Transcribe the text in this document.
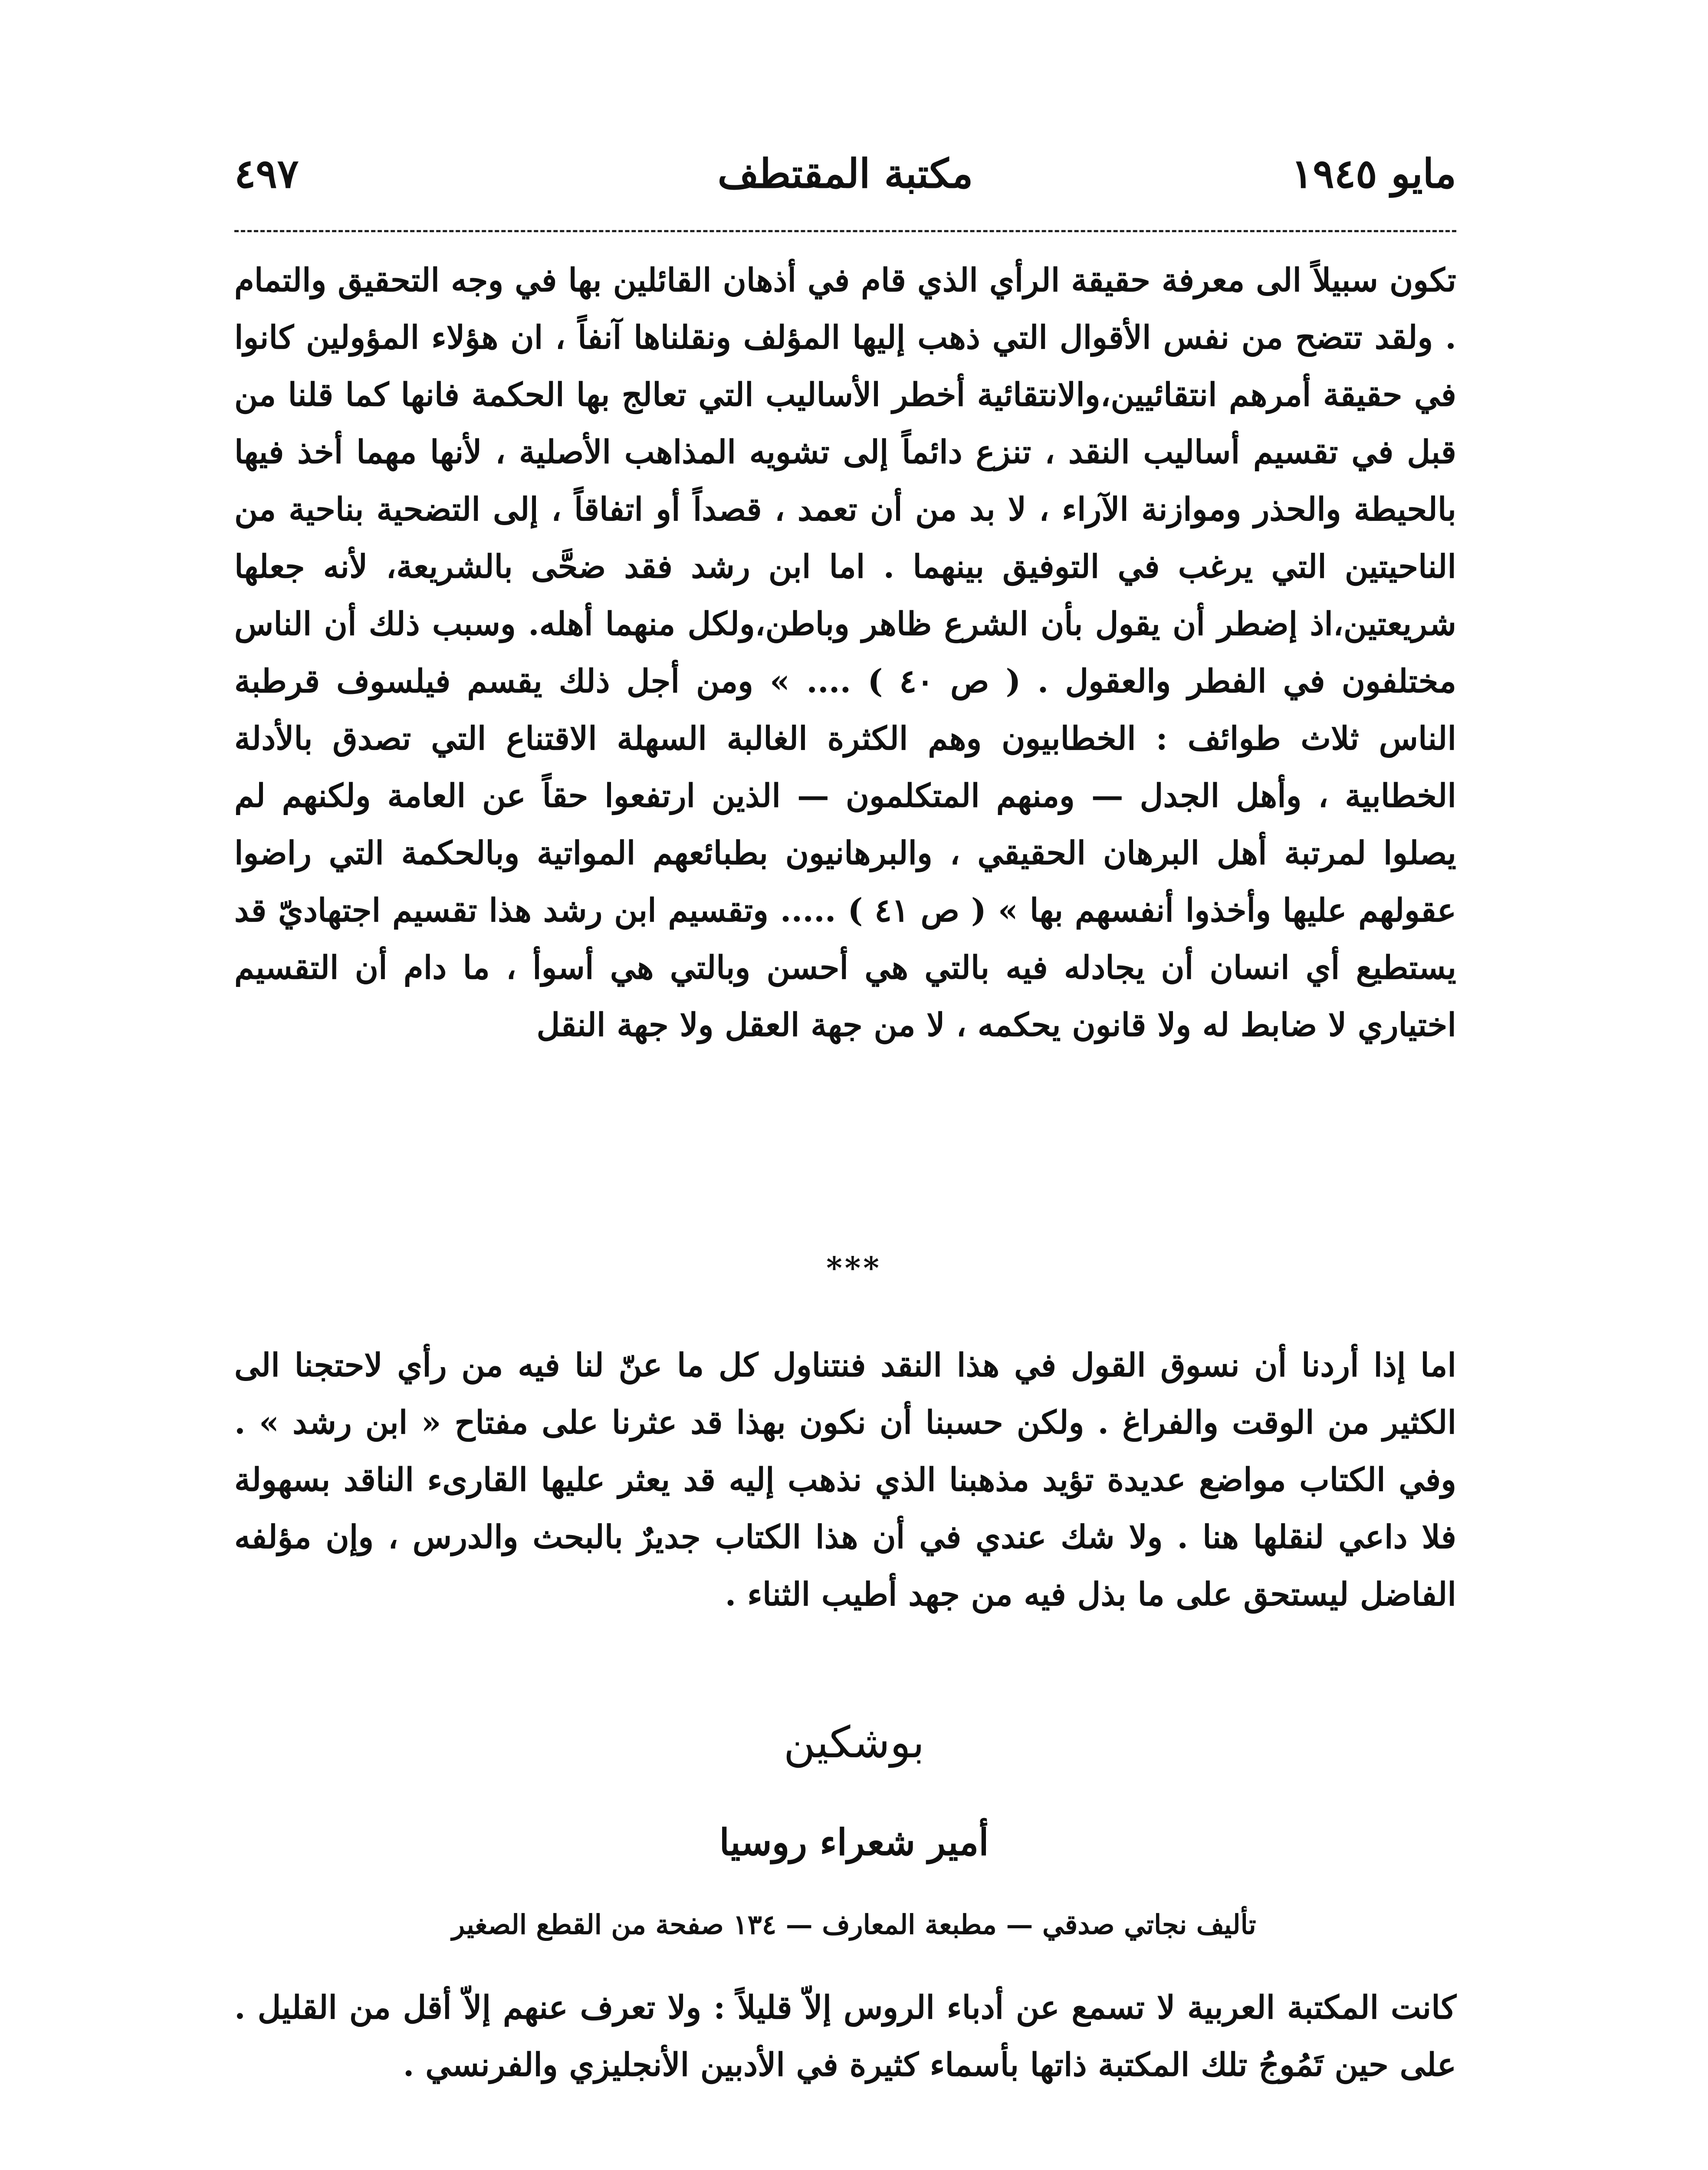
مايو ١٩٤٥
مكتبة المقتطف
٤٩٧

تكون سبيلاً الى معرفة حقيقة الرأي الذي قام في أذهان القائلين بها في وجه التحقيق والتمام . ولقد تتضح من نفس الأقوال التي ذهب إليها المؤلف ونقلناها آنفاً ، ان هؤلاء المؤولين كانوا في حقيقة أمرهم انتقائيين،والانتقائية أخطر الأساليب التي تعالج بها الحكمة فانها كما قلنا من قبل في تقسيم أساليب النقد ، تنزع دائماً إلى تشويه المذاهب الأصلية ، لأنها مهما أخذ فيها بالحيطة والحذر وموازنة الآراء ، لا بد من أن تعمد ، قصداً أو اتفاقاً ، إلى التضحية بناحية من الناحيتين التي يرغب في التوفيق بينهما . اما ابن رشد فقد ضحَّى بالشريعة، لأنه جعلها شريعتين،اذ إضطر أن يقول بأن الشرع ظاهر وباطن،ولكل منهما أهله. وسبب ذلك أن الناس مختلفون في الفطر والعقول . ( ص ٤٠ ) .... » ومن أجل ذلك يقسم فيلسوف قرطبة الناس ثلاث طوائف : الخطابيون وهم الكثرة الغالبة السهلة الاقتناع التي تصدق بالأدلة الخطابية ، وأهل الجدل — ومنهم المتكلمون — الذين ارتفعوا حقاً عن العامة ولكنهم لم يصلوا لمرتبة أهل البرهان الحقيقي ، والبرهانيون بطبائعهم المواتية وبالحكمة التي راضوا عقولهم عليها وأخذوا أنفسهم بها » ( ص ٤١ ) ..... وتقسيم ابن رشد هذا تقسيم اجتهاديّ قد يستطيع أي انسان أن يجادله فيه بالتي هي أحسن وبالتي هي أسوأ ، ما دام أن التقسيم اختياري لا ضابط له ولا قانون يحكمه ، لا من جهة العقل ولا جهة النقل

***

اما إذا أردنا أن نسوق القول في هذا النقد فنتناول كل ما عنّ لنا فيه من رأي لاحتجنا الى الكثير من الوقت والفراغ . ولكن حسبنا أن نكون بهذا قد عثرنا على مفتاح « ابن رشد » . وفي الكتاب مواضع عديدة تؤيد مذهبنا الذي نذهب إليه قد يعثر عليها القارىء الناقد بسهولة فلا داعي لنقلها هنا . ولا شك عندي في أن هذا الكتاب جديرٌ بالبحث والدرس ، وإن مؤلفه الفاضل ليستحق على ما بذل فيه من جهد أطيب الثناء .

بوشكين
أمير شعراء روسيا
تأليف نجاتي صدقي — مطبعة المعارف — ١٣٤ صفحة من القطع الصغير

كانت المكتبة العربية لا تسمع عن أدباء الروس إلاّ قليلاً : ولا تعرف عنهم إلاّ أقل من القليل . على حين تَمُوجُ تلك المكتبة ذاتها بأسماء كثيرة في الأدبين الأنجليزي والفرنسي .
